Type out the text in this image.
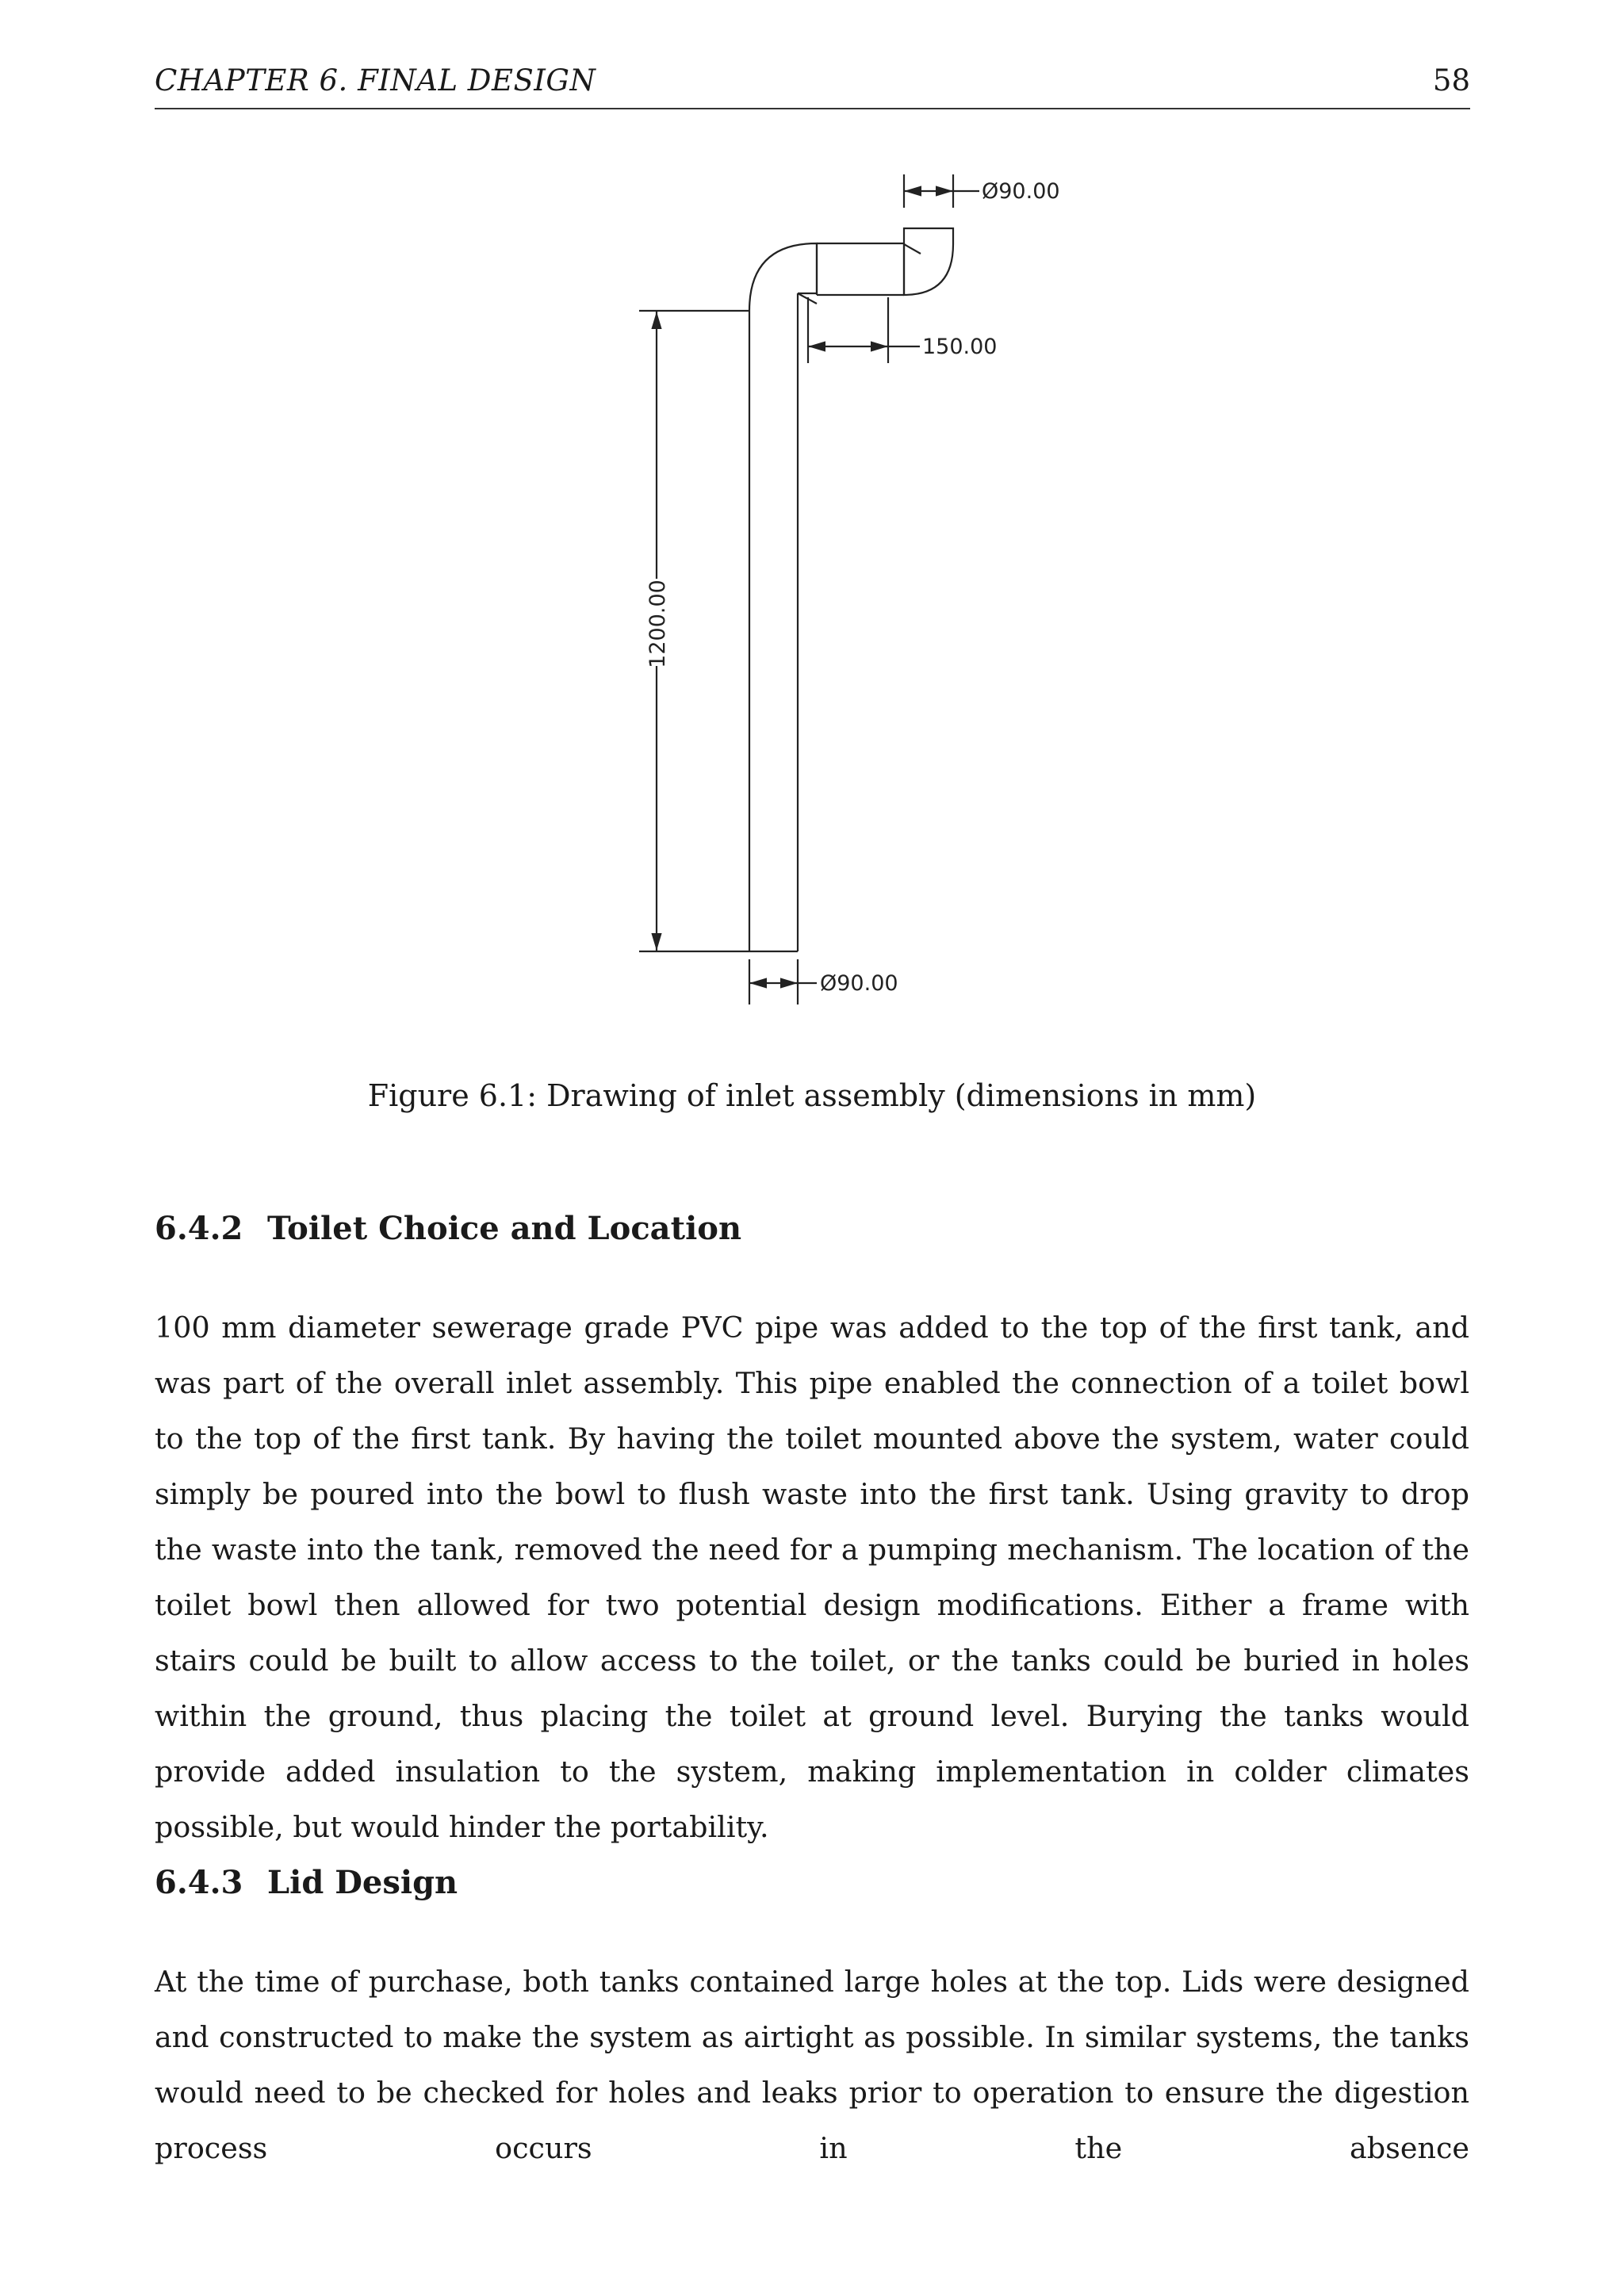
CHAPTER 6. FINAL DESIGN	58
Ø90.00
150.00
1200.00
Ø90.00
Figure 6.1: Drawing of inlet assembly (dimensions in mm)
6.4.2 Toilet Choice and Location

100 mm diameter sewerage grade PVC pipe was added to the top of the first tank, and was part of the overall inlet assembly. This pipe enabled the connection of a toilet bowl to the top of the first tank. By having the toilet mounted above the system, water could simply be poured into the bowl to flush waste into the first tank. Using gravity to drop the waste into the tank, removed the need for a pumping mechanism. The location of the toilet bowl then allowed for two potential design modifications. Either a frame with stairs could be built to allow access to the toilet, or the tanks could be buried in holes within the ground, thus placing the toilet at ground level. Burying the tanks would provide added insulation to the system, making implementation in colder climates possible, but would hinder the portability.

6.4.3 Lid Design

At the time of purchase, both tanks contained large holes at the top. Lids were designed and constructed to make the system as airtight as possible. In similar systems, the tanks would need to be checked for holes and leaks prior to operation to ensure the digestion process occurs in the absence
